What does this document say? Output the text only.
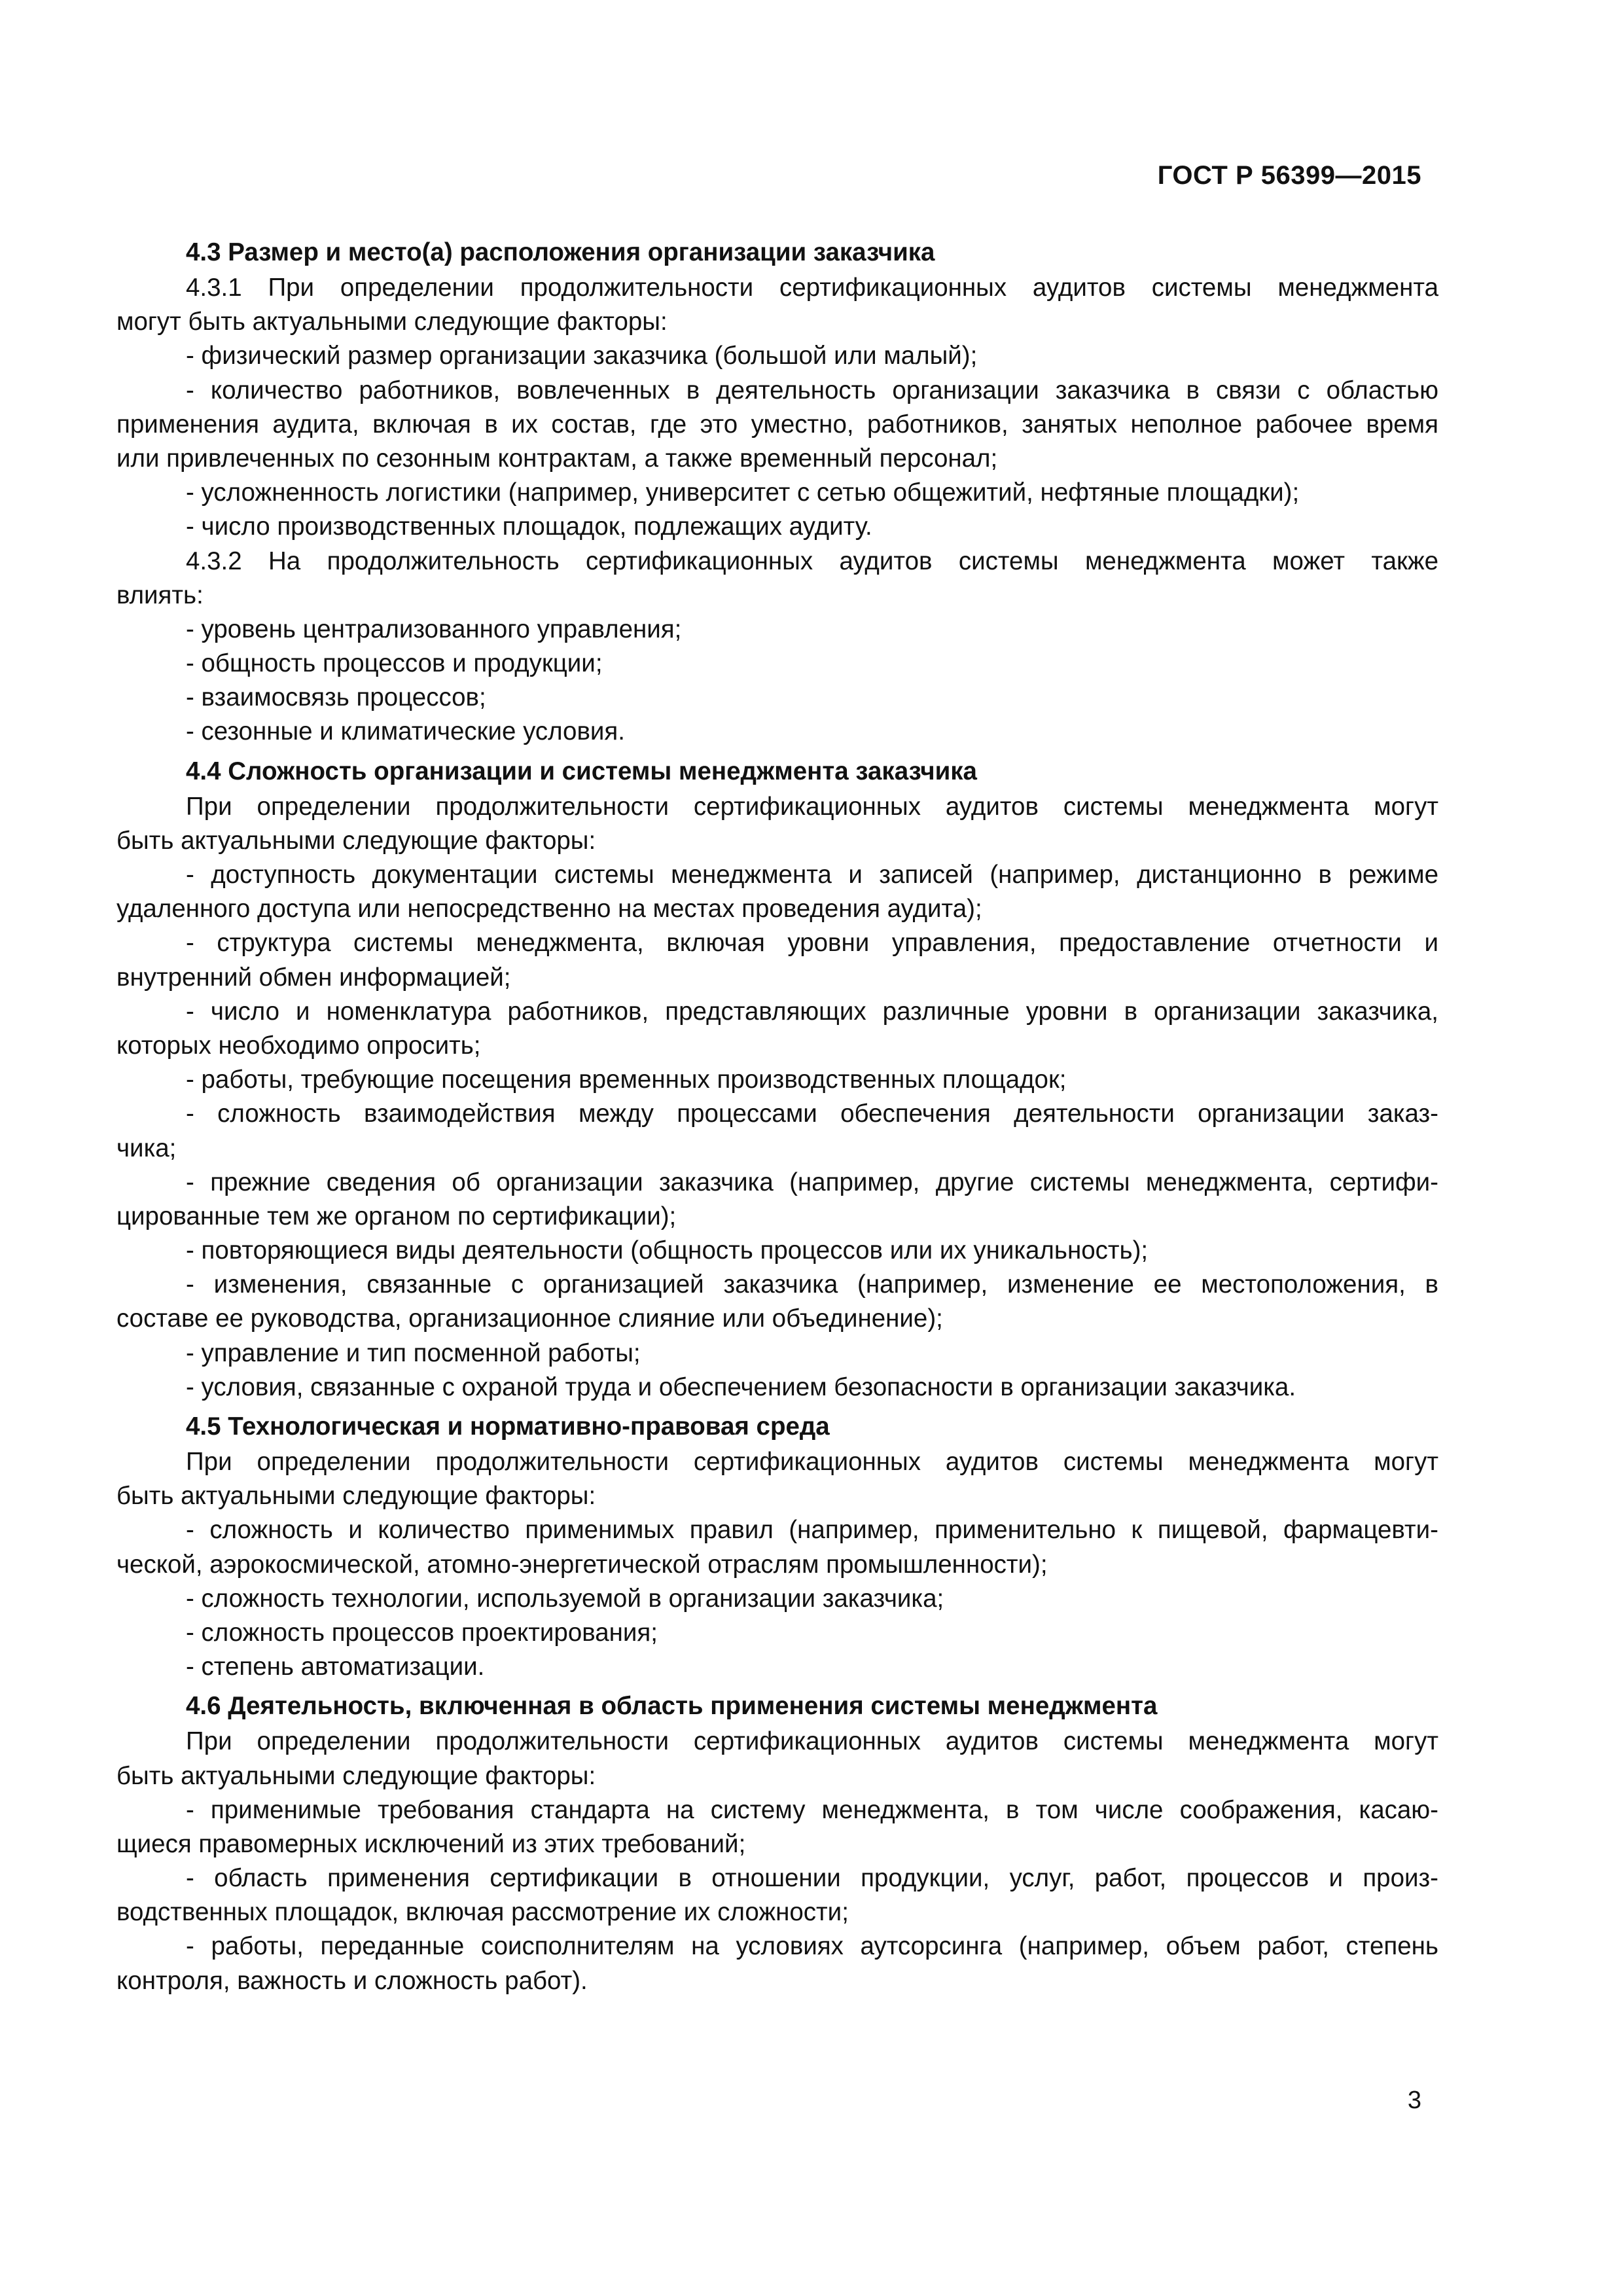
ГОСТ Р 56399—2015
4.3 Размер и место(а) расположения организации заказчика
4.3.1 При определении продолжительности сертификационных аудитов системы менеджмента
могут быть актуальными следующие факторы:
- физический размер организации заказчика (большой или малый);
- количество работников, вовлеченных в деятельность организации заказчика в связи с областью
применения аудита, включая в их состав, где это уместно, работников, занятых неполное рабочее время
или привлеченных по сезонным контрактам, а также временный персонал;
- усложненность логистики (например, университет с сетью общежитий, нефтяные площадки);
- число производственных площадок, подлежащих аудиту.
4.3.2 На продолжительность сертификационных аудитов системы менеджмента может также
влиять:
- уровень централизованного управления;
- общность процессов и продукции;
- взаимосвязь процессов;
- сезонные и климатические условия.
4.4 Сложность организации и системы менеджмента заказчика
При определении продолжительности сертификационных аудитов системы менеджмента могут
быть актуальными следующие факторы:
- доступность документации системы менеджмента и записей (например, дистанционно в режиме
удаленного доступа или непосредственно на местах проведения аудита);
- структура системы менеджмента, включая уровни управления, предоставление отчетности и
внутренний обмен информацией;
- число и номенклатура работников, представляющих различные уровни в организации заказчика,
которых необходимо опросить;
- работы, требующие посещения временных производственных площадок;
- сложность взаимодействия между процессами обеспечения деятельности организации заказ-
чика;
- прежние сведения об организации заказчика (например, другие системы менеджмента, сертифи-
цированные тем же органом по сертификации);
- повторяющиеся виды деятельности (общность процессов или их уникальность);
- изменения, связанные с организацией заказчика (например, изменение ее местоположения, в
составе ее руководства, организационное слияние или объединение);
- управление и тип посменной работы;
- условия, связанные с охраной труда и обеспечением безопасности в организации заказчика.
4.5 Технологическая и нормативно-правовая среда
При определении продолжительности сертификационных аудитов системы менеджмента могут
быть актуальными следующие факторы:
- сложность и количество применимых правил (например, применительно к пищевой, фармацевти-
ческой, аэрокосмической, атомно-энергетической отраслям промышленности);
- сложность технологии, используемой в организации заказчика;
- сложность процессов проектирования;
- степень автоматизации.
4.6 Деятельность, включенная в область применения системы менеджмента
При определении продолжительности сертификационных аудитов системы менеджмента могут
быть актуальными следующие факторы:
- применимые требования стандарта на систему менеджмента, в том числе соображения, касаю-
щиеся правомерных исключений из этих требований;
- область применения сертификации в отношении продукции, услуг, работ, процессов и произ-
водственных площадок, включая рассмотрение их сложности;
- работы, переданные соисполнителям на условиях аутсорсинга (например, объем работ, степень
контроля, важность и сложность работ).
3
